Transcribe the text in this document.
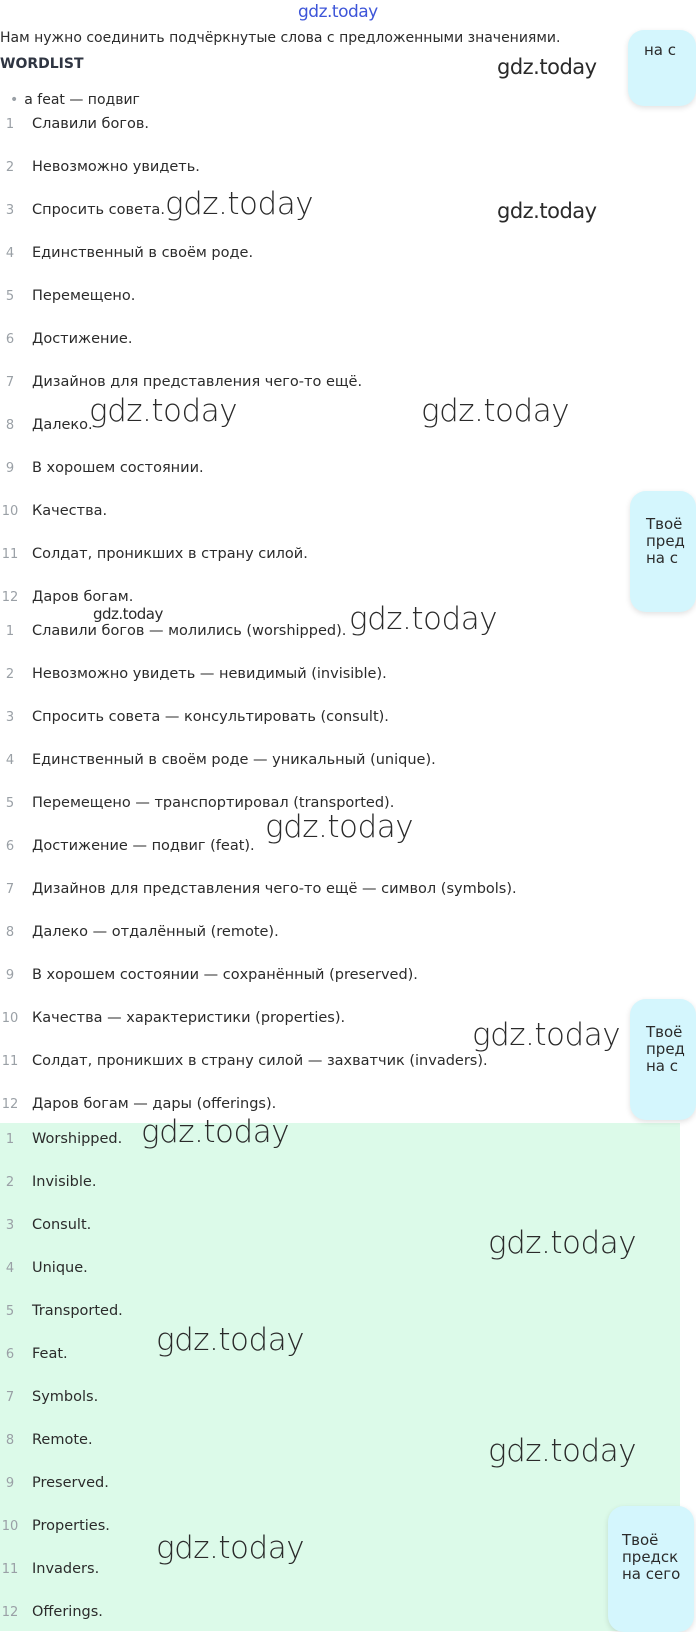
gdz.today
Нам нужно соединить подчёркнутые слова с предложенными значениями.
WORDLIST
• a feat — подвиг
1	Славили богов.
2	Невозможно увидеть.
3	Спросить совета.
4	Единственный в своём роде.
5	Перемещено.
6	Достижение.
7	Дизайнов для представления чего-то ещё.
8	Далеко.
9	В хорошем состоянии.
10 Качества.
11 Солдат, проникших в страну силой.
12 Даров богам.
1	Славили богов — молились (worshipped).
2	Невозможно увидеть — невидимый (invisible).
3	Спросить совета — консультировать (consult).
4	Единственный в своём роде — уникальный (unique).
5	Перемещено — транспортировал (transported).
6	Достижение — подвиг (feat).
7	Дизайнов для представления чего-то ещё — символ (symbols).
8	Далеко — отдалённый (remote).
9	В хорошем состоянии — сохранённый (preserved).
10 Качества — характеристики (properties).
11 Солдат, проникших в страну силой — захватчик (invaders).
12 Даров богам — дары (offerings).
1	Worshipped.
2	Invisible.
3	Consult.
4	Unique.
5	Transported.
6	Feat.
7	Symbols.
8	Remote.
9	Preserved.
10 Properties.
11 Invaders.
12 Offerings.
gdz.today
gdz.today	gdz.today
gdz.today	gdz.today
gdz.today	gdz.today
gdz.today
gdz.today
gdz.today
gdz.today
gdz.today
gdz.today
gdz.today
на с
Твоё
пред
на с
Твоё
пред
на с
Твоё
предск
на сего
